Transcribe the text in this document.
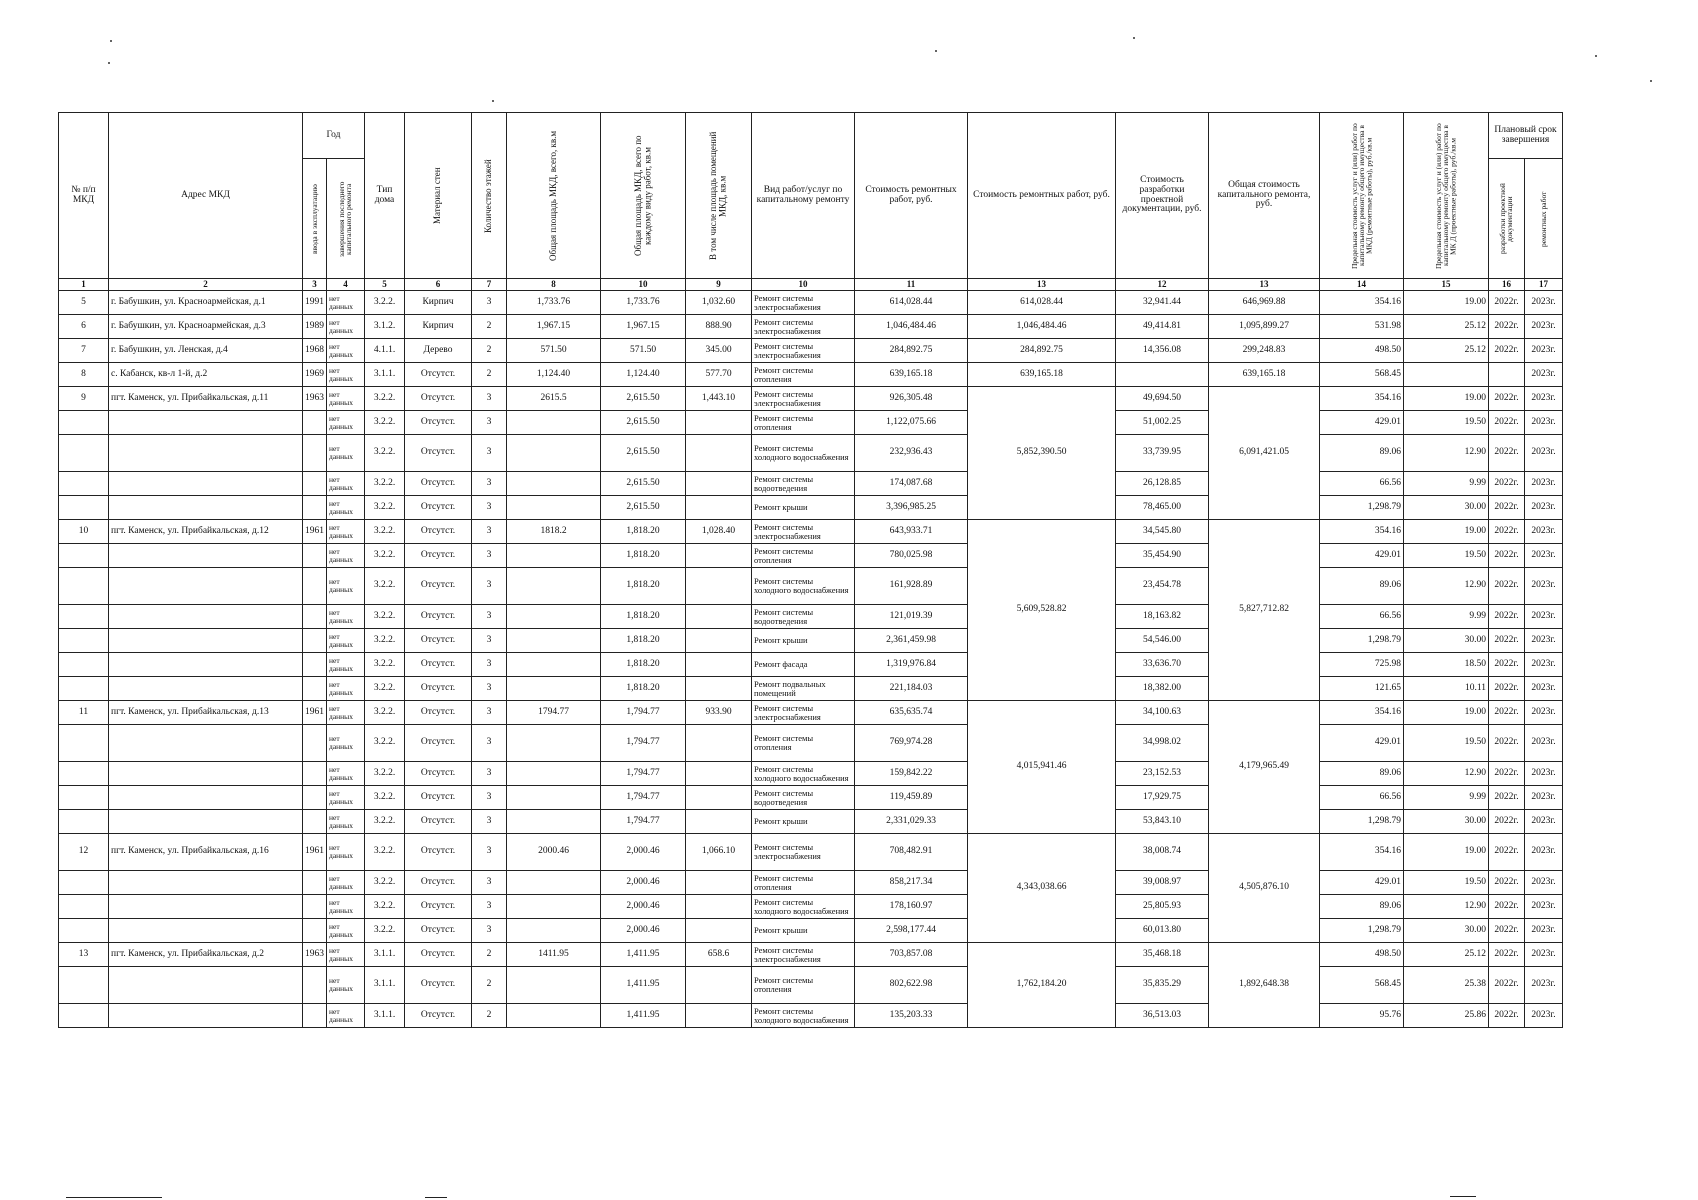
№ п/п МКД	Адрес МКД	Год		Тип дома	Материал стен	Количество этажей	Общая площадь МКД, всего, кв.м	Общая площадь МКД, всего по каждому виду работ, кв.м	В том числе площадь помещений МКД, кв.м	Вид работ/услуг по капитальному ремонту	Стоимость ремонтных работ, руб.	Стоимость ремонтных работ, руб.	Стоимость разработки проектной документации, руб.	Общая стоимость капитального ремонта, руб.	Предельная стоимость услуг и (или) работ по капитальному ремонту общего имущества в МКД (ремонтные работы), руб./кв.м	Предельная стоимость услуг и (или) работ по капитальному ремонту общего имущества в МК Д (проектные работы), руб./кв.м	Плановый срок завершения	

		ввода в эксплуатацию	завершения последнего капитального ремонта														разработки проектной документации	ремонтных работ

1	2	3	4	5	6	7	8	10	9	10	11	13	12	13	14	15	16	17
5	г. Бабушкин, ул. Красноармейская, д.1	1991	нет данных	3.2.2.	Кирпич	3	1,733.76	1,733.76	1,032.60	Ремонт системы электроснабжения	614,028.44	614,028.44	32,941.44	646,969.88	354.16	19.00	2022г.	2023г.
6	г. Бабушкин, ул. Красноармейская, д.3	1989	нет данных	3.1.2.	Кирпич	2	1,967.15	1,967.15	888.90	Ремонт системы электроснабжения	1,046,484.46	1,046,484.46	49,414.81	1,095,899.27	531.98	25.12	2022г.	2023г.
7	г. Бабушкин, ул. Ленская, д.4	1968	нет данных	4.1.1.	Дерево	2	571.50	571.50	345.00	Ремонт системы электроснабжения	284,892.75	284,892.75	14,356.08	299,248.83	498.50	25.12	2022г.	2023г.
8	с. Кабанск, кв-л 1-й, д.2	1969	нет данных	3.1.1.	Отсутст.	2	1,124.40	1,124.40	577.70	Ремонт системы отопления	639,165.18	639,165.18		639,165.18	568.45			2023г.
9	пгт. Каменск, ул. Прибайкальская, д.11	1963	нет данных	3.2.2.	Отсутст.	3	2615.5	2,615.50	1,443.10	Ремонт системы электроснабжения	926,305.48	5,852,390.50	49,694.50	6,091,421.05	354.16	19.00	2022г.	2023г.
			нет данных	3.2.2.	Отсутст.	3		2,615.50		Ремонт системы отопления	1,122,075.66		51,002.25		429.01	19.50	2022г.	2023г.
			нет данных	3.2.2.	Отсутст.	3		2,615.50		Ремонт системы холодного водоснабжения	232,936.43		33,739.95		89.06	12.90	2022г.	2023г.
			нет данных	3.2.2.	Отсутст.	3		2,615.50		Ремонт системы водоотведения	174,087.68		26,128.85		66.56	9.99	2022г.	2023г.
			нет данных	3.2.2.	Отсутст.	3		2,615.50		Ремонт крыши	3,396,985.25		78,465.00		1,298.79	30.00	2022г.	2023г.
10	пгт. Каменск, ул. Прибайкальская, д.12	1961	нет данных	3.2.2.	Отсутст.	3	1818.2	1,818.20	1,028.40	Ремонт системы электроснабжения	643,933.71	5,609,528.82	34,545.80	5,827,712.82	354.16	19.00	2022г.	2023г.
			нет данных	3.2.2.	Отсутст.	3		1,818.20		Ремонт системы отопления	780,025.98		35,454.90		429.01	19.50	2022г.	2023г.
			нет данных	3.2.2.	Отсутст.	3		1,818.20		Ремонт системы холодного водоснабжения	161,928.89		23,454.78		89.06	12.90	2022г.	2023г.
			нет данных	3.2.2.	Отсутст.	3		1,818.20		Ремонт системы водоотведения	121,019.39		18,163.82		66.56	9.99	2022г.	2023г.
			нет данных	3.2.2.	Отсутст.	3		1,818.20		Ремонт крыши	2,361,459.98		54,546.00		1,298.79	30.00	2022г.	2023г.
			нет данных	3.2.2.	Отсутст.	3		1,818.20		Ремонт фасада	1,319,976.84		33,636.70		725.98	18.50	2022г.	2023г.
			нет данных	3.2.2.	Отсутст.	3		1,818.20		Ремонт подвальных помещений	221,184.03		18,382.00		121.65	10.11	2022г.	2023г.
11	пгт. Каменск, ул. Прибайкальская, д.13	1961	нет данных	3.2.2.	Отсутст.	3	1794.77	1,794.77	933.90	Ремонт системы электроснабжения	635,635.74	4,015,941.46	34,100.63	4,179,965.49	354.16	19.00	2022г.	2023г.
			нет данных	3.2.2.	Отсутст.	3		1,794.77		Ремонт системы отопления	769,974.28		34,998.02		429.01	19.50	2022г.	2023г.
			нет данных	3.2.2.	Отсутст.	3		1,794.77		Ремонт системы холодного водоснабжения	159,842.22		23,152.53		89.06	12.90	2022г.	2023г.
			нет данных	3.2.2.	Отсутст.	3		1,794.77		Ремонт системы водоотведения	119,459.89		17,929.75		66.56	9.99	2022г.	2023г.
			нет данных	3.2.2.	Отсутст.	3		1,794.77		Ремонт крыши	2,331,029.33		53,843.10		1,298.79	30.00	2022г.	2023г.
12	пгт. Каменск, ул. Прибайкальская, д.16	1961	нет данных	3.2.2.	Отсутст.	3	2000.46	2,000.46	1,066.10	Ремонт системы электроснабжения	708,482.91	4,343,038.66	38,008.74	4,505,876.10	354.16	19.00	2022г.	2023г.
			нет данных	3.2.2.	Отсутст.	3		2,000.46		Ремонт системы отопления	858,217.34		39,008.97		429.01	19.50	2022г.	2023г.
			нет данных	3.2.2.	Отсутст.	3		2,000.46		Ремонт системы холодного водоснабжения	178,160.97		25,805.93		89.06	12.90	2022г.	2023г.
			нет данных	3.2.2.	Отсутст.	3		2,000.46		Ремонт крыши	2,598,177.44		60,013.80		1,298.79	30.00	2022г.	2023г.
13	пгт. Каменск, ул. Прибайкальская, д.2	1963	нет данных	3.1.1.	Отсутст.	2	1411.95	1,411.95	658.6	Ремонт системы электроснабжения	703,857.08	1,762,184.20	35,468.18	1,892,648.38	498.50	25.12	2022г.	2023г.
			нет данных	3.1.1.	Отсутст.	2		1,411.95		Ремонт системы отопления	802,622.98		35,835.29		568.45	25.38	2022г.	2023г.
			нет данных	3.1.1.	Отсутст.	2		1,411.95		Ремонт системы холодного водоснабжения	135,203.33		36,513.03		95.76	25.86	2022г.	2023г.
